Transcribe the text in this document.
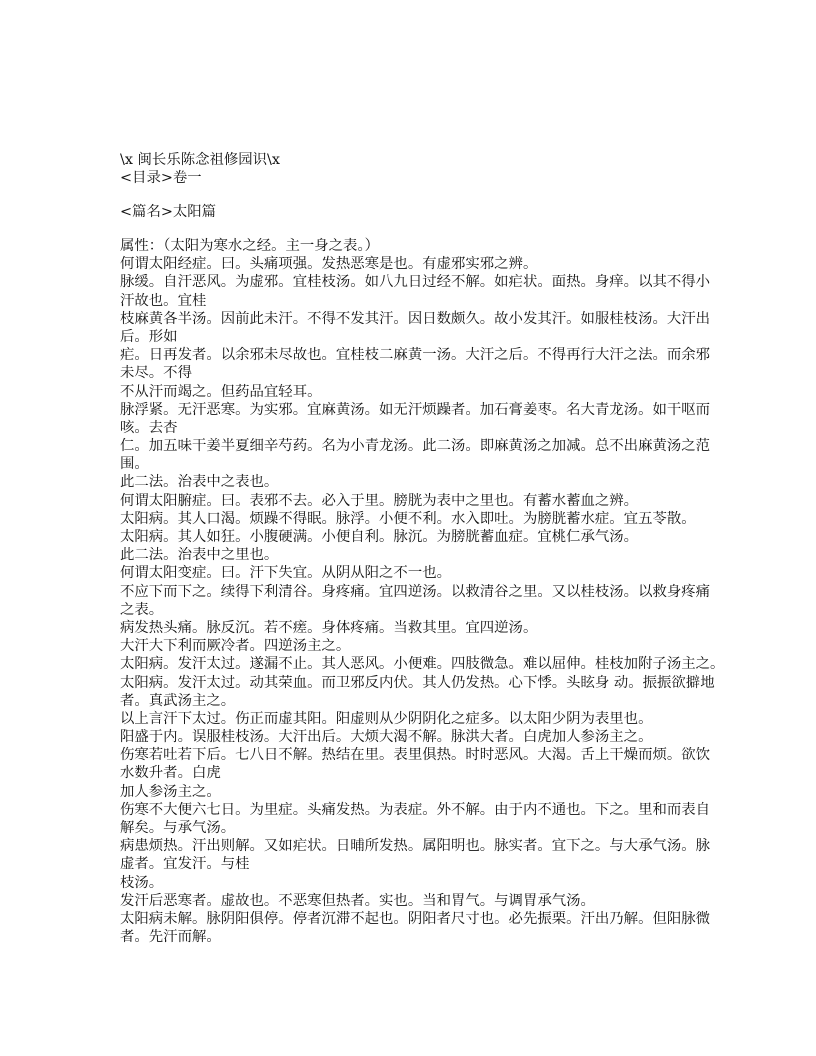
\x 闽长乐陈念祖修园识\x
<目录>卷一
<篇名>太阳篇
属性：（太阳为寒水之经。主一身之表。）
何谓太阳经症。曰。头痛项强。发热恶寒是也。有虚邪实邪之辨。
脉缓。自汗恶风。为虚邪。宜桂枝汤。如八九日过经不解。如疟状。面热。身痒。以其不得小
汗故也。宜桂
枝麻黄各半汤。因前此未汗。不得不发其汗。因日数颇久。故小发其汗。如服桂枝汤。大汗出
后。形如
疟。日再发者。以余邪未尽故也。宜桂枝二麻黄一汤。大汗之后。不得再行大汗之法。而余邪
未尽。不得
不从汗而竭之。但药品宜轻耳。
脉浮紧。无汗恶寒。为实邪。宜麻黄汤。如无汗烦躁者。加石膏姜枣。名大青龙汤。如干呕而
咳。去杏
仁。加五味干姜半夏细辛芍药。名为小青龙汤。此二汤。即麻黄汤之加减。总不出麻黄汤之范
围。
此二法。治表中之表也。
何谓太阳腑症。曰。表邪不去。必入于里。膀胱为表中之里也。有蓄水蓄血之辨。
太阳病。其人口渴。烦躁不得眠。脉浮。小便不利。水入即吐。为膀胱蓄水症。宜五苓散。
太阳病。其人如狂。小腹硬满。小便自利。脉沉。为膀胱蓄血症。宜桃仁承气汤。
此二法。治表中之里也。
何谓太阳变症。曰。汗下失宜。从阴从阳之不一也。
不应下而下之。续得下利清谷。身疼痛。宜四逆汤。以救清谷之里。又以桂枝汤。以救身疼痛
之表。
病发热头痛。脉反沉。若不瘥。身体疼痛。当救其里。宜四逆汤。
大汗大下利而厥冷者。四逆汤主之。
太阳病。发汗太过。遂漏不止。其人恶风。小便难。四肢微急。难以屈伸。桂枝加附子汤主之。
太阳病。发汗太过。动其荣血。而卫邪反内伏。其人仍发热。心下悸。头眩身 动。振振欲擗地
者。真武汤主之。
以上言汗下太过。伤正而虚其阳。阳虚则从少阴阴化之症多。以太阳少阴为表里也。
阳盛于内。误服桂枝汤。大汗出后。大烦大渴不解。脉洪大者。白虎加人参汤主之。
伤寒若吐若下后。七八日不解。热结在里。表里俱热。时时恶风。大渴。舌上干燥而烦。欲饮
水数升者。白虎
加人参汤主之。
伤寒不大便六七日。为里症。头痛发热。为表症。外不解。由于内不通也。下之。里和而表自
解矣。与承气汤。
病患烦热。汗出则解。又如疟状。日晡所发热。属阳明也。脉实者。宜下之。与大承气汤。脉
虚者。宜发汗。与桂
枝汤。
发汗后恶寒者。虚故也。不恶寒但热者。实也。当和胃气。与调胃承气汤。
太阳病未解。脉阴阳俱停。停者沉滞不起也。阴阳者尺寸也。必先振栗。汗出乃解。但阳脉微
者。先汗而解。
